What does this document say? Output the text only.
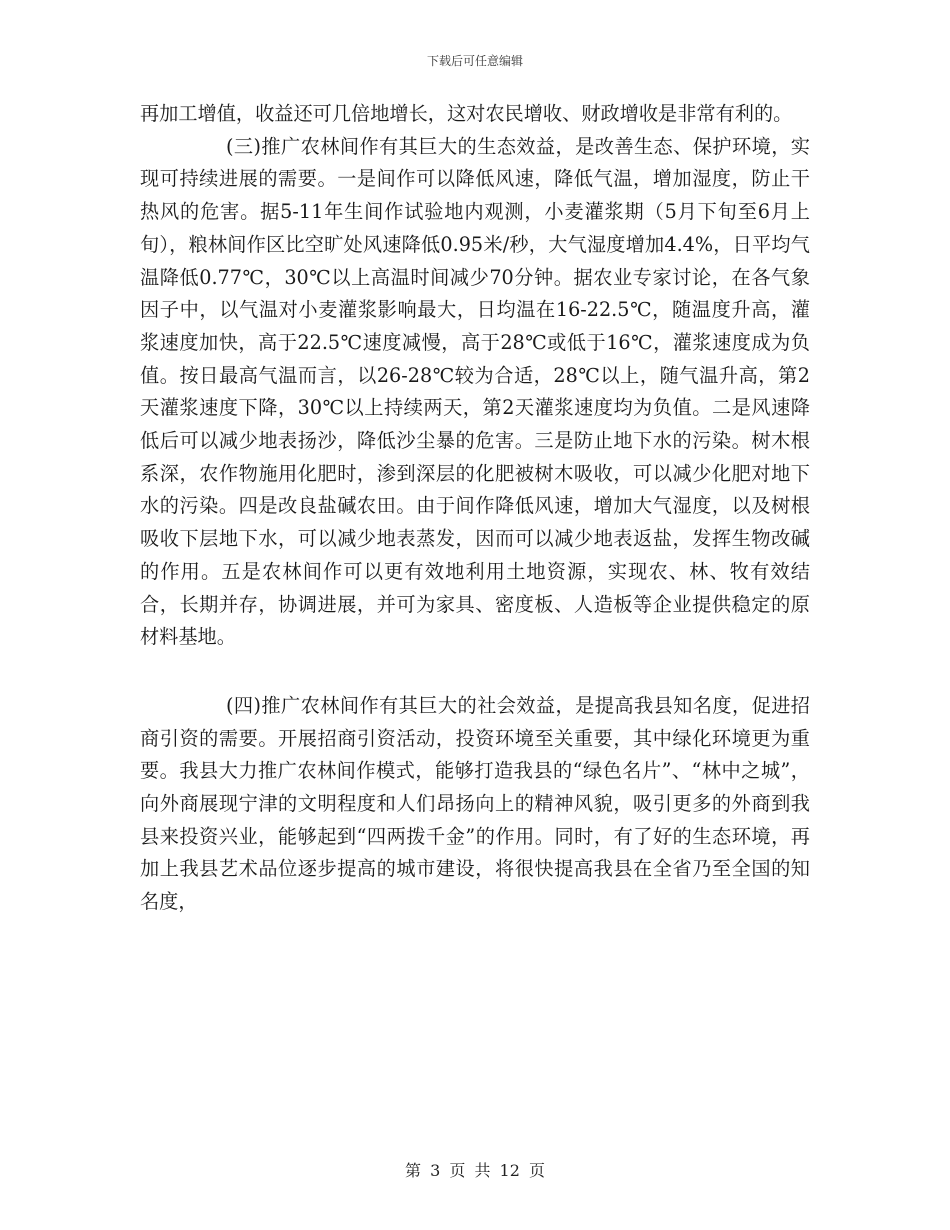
下载后可任意编辑

再加工增值，收益还可几倍地增长，这对农民增收、财政增收是非常有利的。

(三)推广农林间作有其巨大的生态效益，是改善生态、保护环境，实现可持续进展的需要。一是间作可以降低风速，降低气温，增加湿度，防止干热风的危害。据5-11年生间作试验地内观测，小麦灌浆期（5月下旬至6月上旬），粮林间作区比空旷处风速降低0.95米/秒，大气湿度增加4.4%，日平均气温降低0.77℃，30℃以上高温时间减少70分钟。据农业专家讨论，在各气象因子中，以气温对小麦灌浆影响最大，日均温在16-22.5℃，随温度升高，灌浆速度加快，高于22.5℃速度减慢，高于28℃或低于16℃，灌浆速度成为负值。按日最高气温而言，以26-28℃较为合适，28℃以上，随气温升高，第2天灌浆速度下降，30℃以上持续两天，第2天灌浆速度均为负值。二是风速降低后可以减少地表扬沙，降低沙尘暴的危害。三是防止地下水的污染。树木根系深，农作物施用化肥时，渗到深层的化肥被树木吸收，可以减少化肥对地下水的污染。四是改良盐碱农田。由于间作降低风速，增加大气湿度，以及树根吸收下层地下水，可以减少地表蒸发，因而可以减少地表返盐，发挥生物改碱的作用。五是农林间作可以更有效地利用土地资源，实现农、林、牧有效结合，长期并存，协调进展，并可为家具、密度板、人造板等企业提供稳定的原材料基地。

(四)推广农林间作有其巨大的社会效益，是提高我县知名度，促进招商引资的需要。开展招商引资活动，投资环境至关重要，其中绿化环境更为重要。我县大力推广农林间作模式，能够打造我县的“绿色名片”、“林中之城”，向外商展现宁津的文明程度和人们昂扬向上的精神风貌，吸引更多的外商到我县来投资兴业，能够起到“四两拨千金”的作用。同时，有了好的生态环境，再加上我县艺术品位逐步提高的城市建设，将很快提高我县在全省乃至全国的知名度，

第 3 页 共 12 页
